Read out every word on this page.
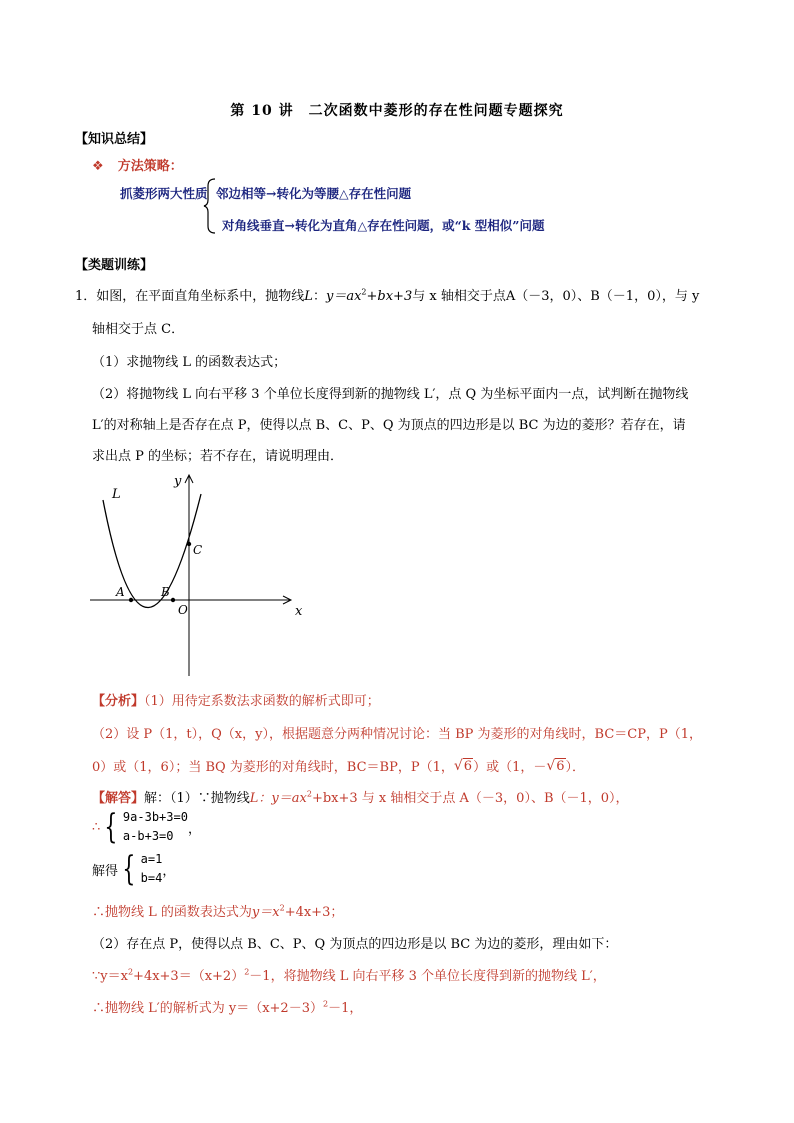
第 10 讲　二次函数中菱形的存在性问题专题探究
【知识总结】
❖ 方法策略：
抓菱形两大性质 邻边相等→转化为等腰△存在性问题
对角线垂直→转化为直角△存在性问题，或“k 型相似”问题
【类题训练】
1．如图，在平面直角坐标系中，抛物线L：$y=ax^2+bx+3$与 x 轴相交于点A（－3，0）、B（－1，0），与 y
轴相交于点 C．
（1）求抛物线 L 的函数表达式；
（2）将抛物线 L 向右平移 3 个单位长度得到新的抛物线 L′，点 Q 为坐标平面内一点，试判断在抛物线
L′的对称轴上是否存在点 P，使得以点 B、C、P、Q 为顶点的四边形是以 BC 为边的菱形？若存在，请
求出点 P 的坐标；若不存在，请说明理由．
L
x
y
O
A	B
C
【分析】（1）用待定系数法求函数的解析式即可；
（2）设 P（1，t），Q（x，y），根据题意分两种情况讨论：当 BP 为菱形的对角线时，BC＝CP，P（1，
0）或（1，6）；当 BQ 为菱形的对角线时，BC＝BP，P（1， √ 6 ）或（1，－ √ 6 ）．
【解答】解：（1）∵抛物线L：$y=ax^2+bx+3$ 与 x 轴相交于点 A（－3，0）、B（－1，0），
∴ { 9a-3b+3=0
a-b+3=0	，
解得 { a=1
b=4 ，
∴抛物线 L 的函数表达式为$y=x^2+4x+3$；
（2）存在点 P，使得以点 B、C、P、Q 为顶点的四边形是以 BC 为边的菱形，理由如下：
$\because y=x^2+4x+3=(x+2)^2-1$，将抛物线 L 向右平移 3 个单位长度得到新的抛物线 L′，
∴抛物线 L′的解析式为 $y=(x+2-3)^2-1$，
